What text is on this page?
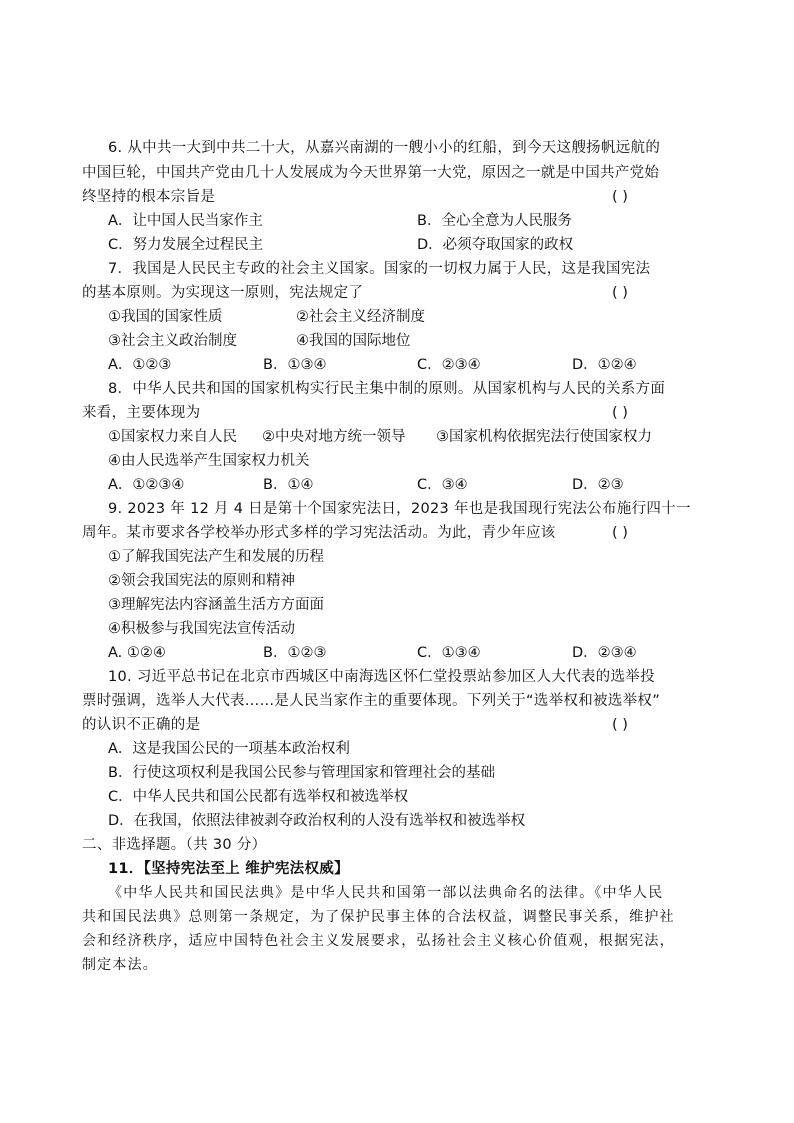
6. 从中共一大到中共二十大，从嘉兴南湖的一艘小小的红船，到今天这艘扬帆远航的
中国巨轮，中国共产党由几十人发展成为今天世界第一大党，原因之一就是中国共产党始
终坚持的根本宗旨是	( )
A．让中国人民当家作主	B．全心全意为人民服务
C．努力发展全过程民主	D．必须夺取国家的政权
7．我国是人民民主专政的社会主义国家。国家的一切权力属于人民，这是我国宪法
的基本原则。为实现这一原则，宪法规定了	( )
①我国的国家性质	②社会主义经济制度
③社会主义政治制度	④我国的国际地位
A．①②③	B．①③④	C．②③④	D．①②④
8．中华人民共和国的国家机构实行民主集中制的原则。从国家机构与人民的关系方面
来看，主要体现为	( )
①国家权力来自人民 ②中央对地方统一领导 ③国家机构依据宪法行使国家权力
④由人民选举产生国家权力机关
A．①②③④	B．①④	C．③④	D．②③
9. 2023 年 12 月 4 日是第十个国家宪法日，2023 年也是我国现行宪法公布施行四十一
周年。某市要求各学校举办形式多样的学习宪法活动。为此，青少年应该	( )
①了解我国宪法产生和发展的历程
②领会我国宪法的原则和精神
③理解宪法内容涵盖生活方方面面
④积极参与我国宪法宣传活动
A. ①②④	B．①②③	C．①③④	D．②③④
10. 习近平总书记在北京市西城区中南海选区怀仁堂投票站参加区人大代表的选举投
票时强调，选举人大代表……是人民当家作主的重要体现。下列关于“选举权和被选举权”
的认识不正确的是	( )
A．这是我国公民的一项基本政治权利
B．行使这项权利是我国公民参与管理国家和管理社会的基础
C．中华人民共和国公民都有选举权和被选举权
D．在我国，依照法律被剥夺政治权利的人没有选举权和被选举权
二、非选择题。（共 30 分）
11．【坚持宪法至上 维护宪法权威】
《中华人民共和国民法典》是中华人民共和国第一部以法典命名的法律。《中华人民
共和国民法典》总则第一条规定，为了保护民事主体的合法权益，调整民事关系，维护社
会和经济秩序，适应中国特色社会主义发展要求，弘扬社会主义核心价值观，根据宪法，
制定本法。
